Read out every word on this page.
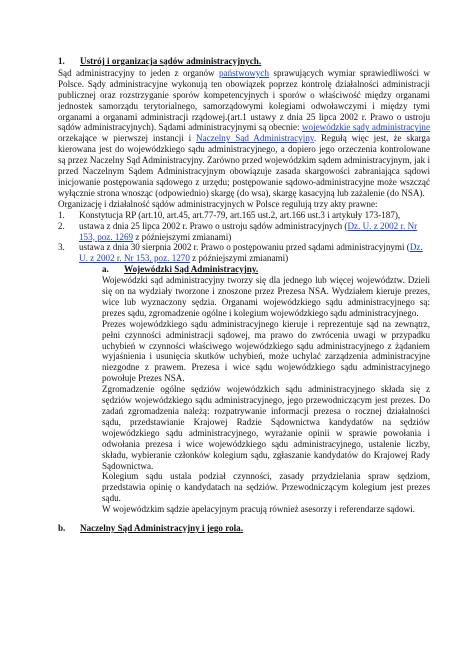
1. Ustrój i organizacja sądów administracyjnych.

Sąd administracyjny to jeden z organów państwowych sprawujących wymiar sprawiedliwości w Polsce. Sądy administracyjne wykonują ten obowiązek poprzez kontrolę działalności administracji publicznej oraz rozstrzyganie sporów kompetencyjnych i sporów o właściwość między organami jednostek samorządu terytorialnego, samorządowymi kolegiami odwoławczymi i między tymi organami a organami administracji rządowej.(art.1 ustawy z dnia 25 lipca 2002 r. Prawo o ustroju sądów administracyjnych). Sądami administracyjnymi są obecnie: wojewódzkie sądy administracyjne orzekające w pierwszej instancji i Naczelny Sąd Administracyjny. Regułą więc jest, że skarga kierowana jest do wojewódzkiego sądu administracyjnego, a dopiero jego orzeczenia kontrolowane są przez Naczelny Sąd Administracyjny. Zarówno przed wojewódzkim sądem administracyjnym, jak i przed Naczelnym Sądem Administracyjnym obowiązuje zasada skargowości zabraniająca sądowi inicjowanie postępowania sądowego z urzędu; postępowanie sądowo-administracyjne może wszcząć wyłącznie strona wnosząc (odpowiednio) skargę (do wsa), skargę kasacyjną lub zażalenie (do NSA).

Organizację i działalność sądów administracyjnych w Polsce regulują trzy akty prawne:

1.	Konstytucja RP (art.10, art.45, art.77-79, art.165 ust.2, art.166 ust.3 i artykuły 173-187),
2.	ustawa z dnia 25 lipca 2002 r. Prawo o ustroju sądów administracyjnych (Dz. U. z 2002 r. Nr 153, poz. 1269 z późniejszymi zmianami)
3.	ustawa z dnia 30 sierpnia 2002 r. Prawo o postępowaniu przed sądami administracyjnymi (Dz. U. z 2002 r. Nr 153, poz. 1270 z późniejszymi zmianami)
a.	Wojewódzki Sąd Administracyjny.

Wojewódzki sąd administracyjny tworzy się dla jednego lub więcej województw. Dzieli się on na wydziały tworzone i znoszone przez Prezesa NSA. Wydziałem kieruje prezes, wice lub wyznaczony sędzia. Organami wojewódzkiego sądu administracyjnego są: prezes sądu, zgromadzenie ogólne i kolegium wojewódzkiego sądu administracyjnego.

Prezes wojewódzkiego sądu administracyjnego kieruje i reprezentuje sąd na zewnątrz, pełni czynności administracji sądowej, ma prawo do zwrócenia uwagi w przypadku uchybień w czynności właściwego wojewódzkiego sądu administracyjnego z żądaniem wyjaśnienia i usunięcia skutków uchybień, może uchylać zarządzenia administracyjne niezgodne z prawem. Prezesa i wice sądu wojewódzkiego sądu administracyjnego powołuje Prezes NSA.

Zgromadzenie ogólne sędziów wojewódzkich sądu administracyjnego składa się z sędziów wojewódzkiego sądu administracyjnego, jego przewodniczącym jest prezes. Do zadań zgromadzenia należą: rozpatrywanie informacji prezesa o rocznej działalności sądu, przedstawianie Krajowej Radzie Sądownictwa kandydatów na sędziów wojewódzkiego sądu administracyjnego, wyrażanie opinii w sprawie powołania i odwołania prezesa i wice wojewódzkiego sądu administracyjnego, ustalenie liczby, składu, wybieranie członków kolegium sądu, zgłaszanie kandydatów do Krajowej Rady Sądownictwa.

Kolegium sądu ustala podział czynności, zasady przydzielania spraw sędziom, przedstawia opinię o kandydatach na sędziów. Przewodniczącym kolegium jest prezes sądu.

W wojewódzkim sądzie apelacyjnym pracują również asesorzy i referendarze sądowi.

b.	Naczelny Sąd Administracyjny i jego rola.
